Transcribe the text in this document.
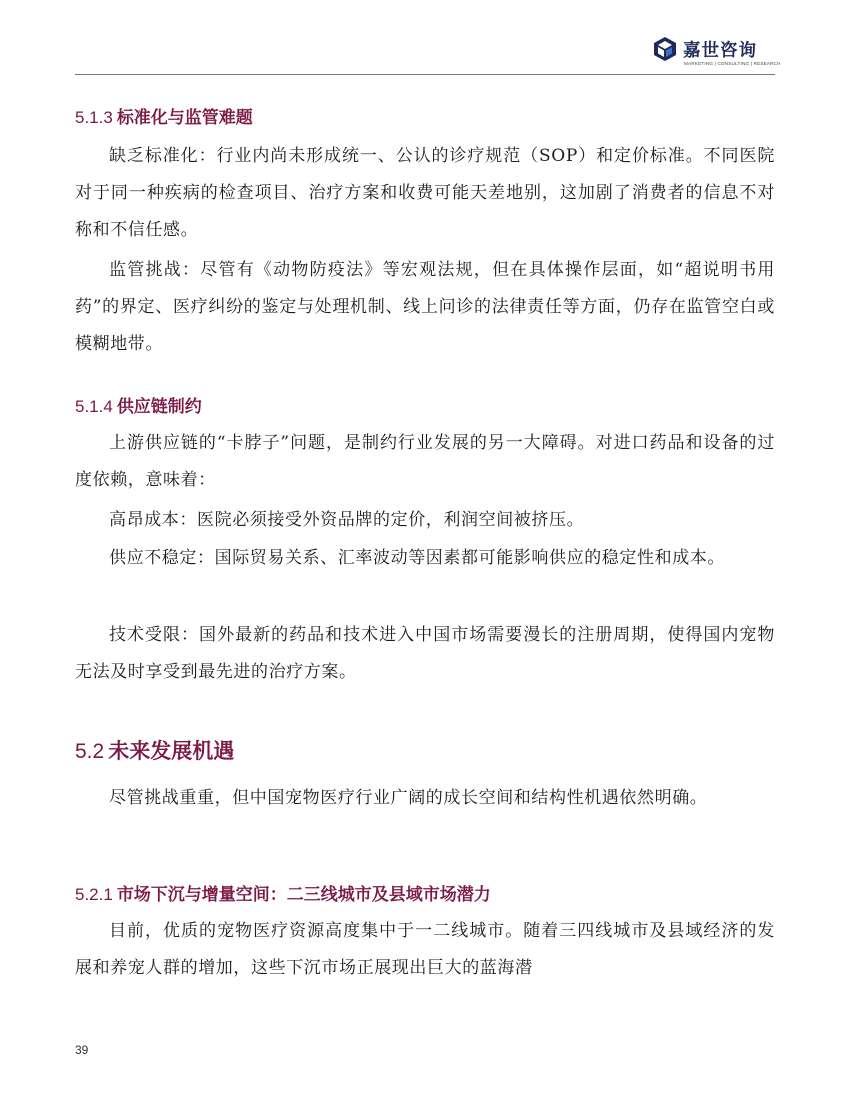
嘉世咨询
MARKETING | CONSULTING | RESEARCH
5.1.3 标准化与监管难题

缺乏标准化：行业内尚未形成统一、公认的诊疗规范（SOP）和定价标准。不同医院对于同一种疾病的检查项目、治疗方案和收费可能天差地别，这加剧了消费者的信息不对称和不信任感。

监管挑战：尽管有《动物防疫法》等宏观法规，但在具体操作层面，如“超说明书用药”的界定、医疗纠纷的鉴定与处理机制、线上问诊的法律责任等方面，仍存在监管空白或模糊地带。

5.1.4 供应链制约

上游供应链的“卡脖子”问题，是制约行业发展的另一大障碍。对进口药品和设备的过度依赖，意味着：

高昂成本：医院必须接受外资品牌的定价，利润空间被挤压。

供应不稳定：国际贸易关系、汇率波动等因素都可能影响供应的稳定性和成本。

技术受限：国外最新的药品和技术进入中国市场需要漫长的注册周期，使得国内宠物无法及时享受到最先进的治疗方案。

5.2 未来发展机遇

尽管挑战重重，但中国宠物医疗行业广阔的成长空间和结构性机遇依然明确。

5.2.1 市场下沉与增量空间：二三线城市及县域市场潜力

目前，优质的宠物医疗资源高度集中于一二线城市。随着三四线城市及县域经济的发展和养宠人群的增加，这些下沉市场正展现出巨大的蓝海潜

39
